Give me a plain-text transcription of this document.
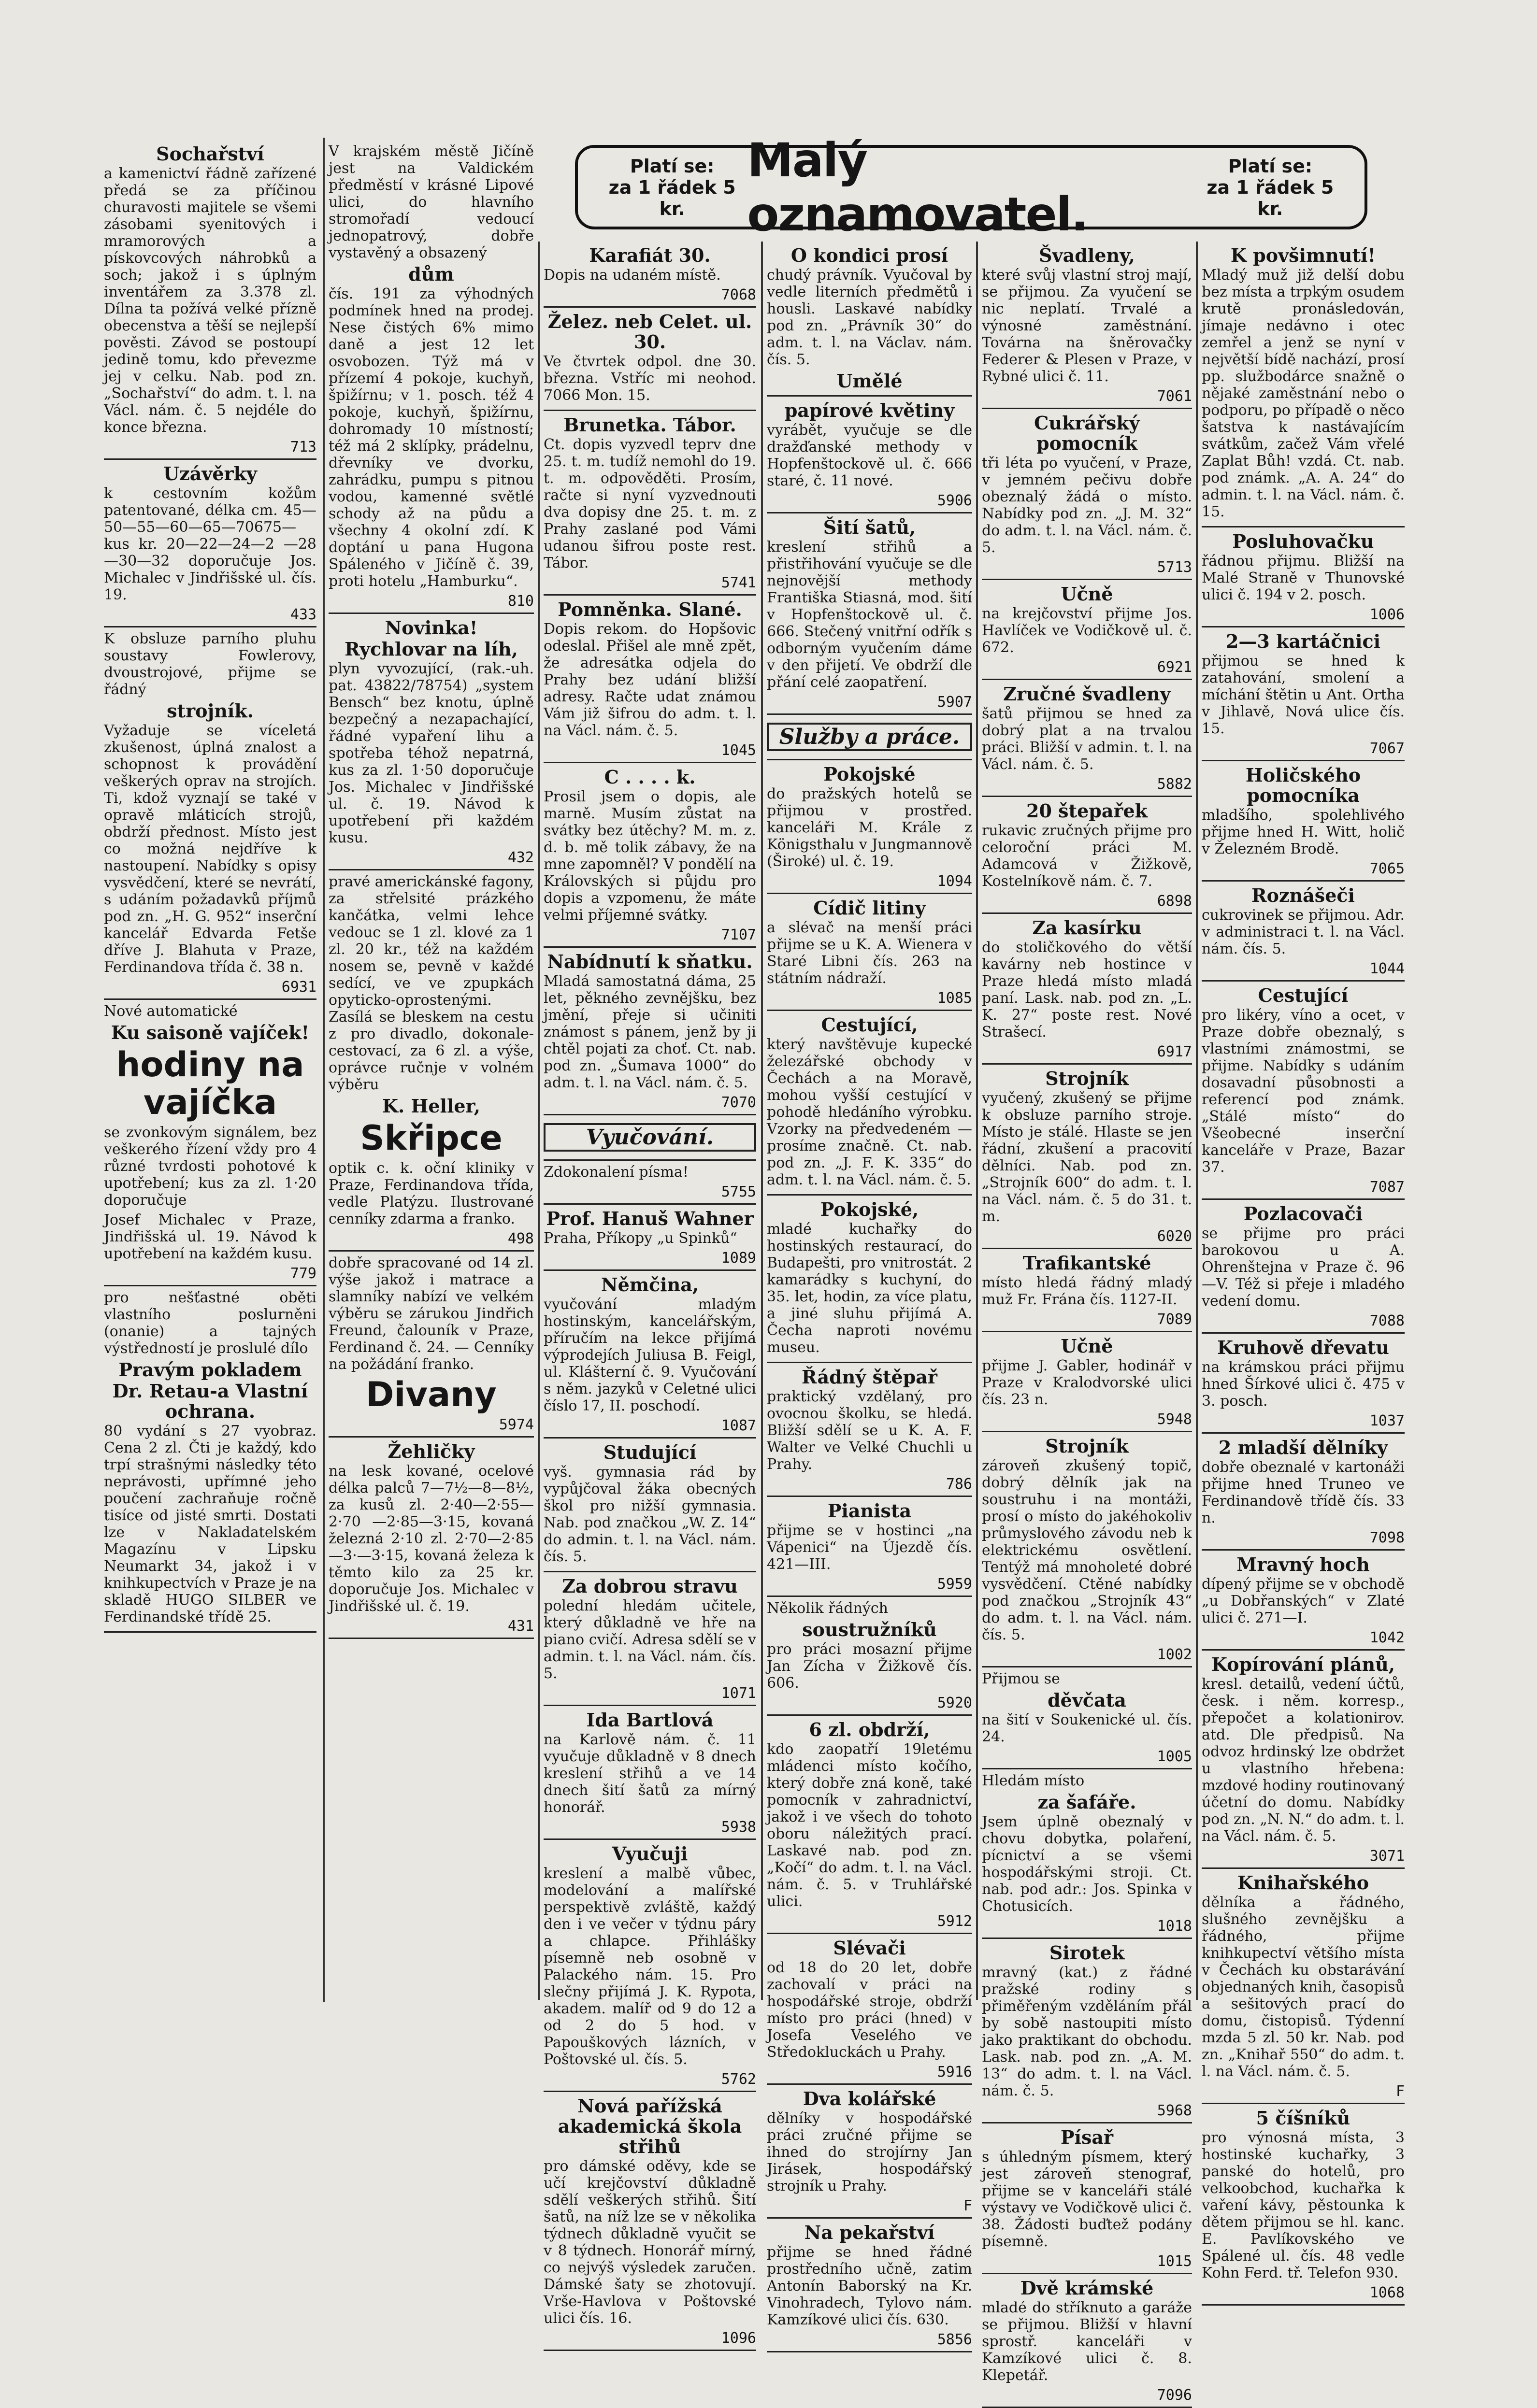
Platí se:
za 1 řádek 5 kr.
Malý oznamovatel.
Platí se:
za 1 řádek 5 kr.
Sochařství

a kamenictví řádně zařízené předá se za příčinou churavosti majitele se všemi zásobami syenitových i mramorových a pískovcových náhrobků a soch; jakož i s úplným inventářem za 3.378 zl. Dílna ta požívá velké přízně obecenstva a těší se nejlepší pověsti. Závod se postoupí jedině tomu, kdo převezme jej v celku. Nab. pod zn. „Sochařství“ do adm. t. l. na Václ. nám. č. 5 nejdéle do konce března.

713
Uzávěrky

k cestovním kožům patentované, délka cm. 45—50—55—60—65—70675—kus kr. 20—22—24—2 —28 —30—32 doporučuje Jos. Michalec v Jindřišské ul. čís. 19.

433

K obsluze parního pluhu soustavy Fowlerovy, dvoustrojové, přijme se řádný

strojník.

Vyžaduje se víceletá zkušenost, úplná znalost a schopnost k provádění veškerých oprav na strojích. Ti, kdož vyznají se také v opravě mláticích strojů, obdrží přednost. Místo jest co možná nejdříve k nastoupení. Nabídky s opisy vysvědčení, které se nevrátí, s udáním požadavků příjmů pod zn. „H. G. 952“ inserční kancelář Edvarda Fetše dříve J. Blahuta v Praze, Ferdinandova třída č. 38 n.

6931

Nové automatické

Ku saisoně vajíček!
hodiny na vajíčka

se zvonkovým signálem, bez veškerého řízení vždy pro 4 různé tvrdosti pohotové k upotřebení; kus za zl. 1·20 doporučuje

Josef Michalec v Praze, Jindřišská ul. 19. Návod k upotřebení na každém kusu.

779

pro nešťastné oběti vlastního poslurněni (onanie) a tajných výstředností je proslulé dílo

Pravým pokladem
Dr. Retau-a Vlastní ochrana.

80 vydání s 27 vyobraz. Cena 2 zl. Čti je každý, kdo trpí strašnými následky této neprávosti, upřímné jeho poučení zachraňuje ročně tisíce od jisté smrti. Dostati lze v Nakladatelském Magazínu v Lipsku Neumarkt 34, jakož i v knihkupectvích v Praze je na skladě HUGO SILBER ve Ferdinandské třídě 25.

V krajském městě Jičíně jest na Valdickém předměstí v krásné Lipové ulici, do hlavního stromořadí vedoucí jednopatrový, dobře vystavěný a obsazený

dům

čís. 191 za výhodných podmínek hned na prodej. Nese čistých 6% mimo daně a jest 12 let osvobozen. Týž má v přízemí 4 pokoje, kuchyň, špižírnu; v 1. posch. též 4 pokoje, kuchyň, špižírnu, dohromady 10 místností; též má 2 sklípky, prádelnu, dřevníky ve dvorku, zahrádku, pumpu s pitnou vodou, kamenné světlé schody až na půdu a všechny 4 okolní zdí. K doptání u pana Hugona Spáleného v Jičíně č. 39, proti hotelu „Hamburku“.

810
Novinka!
Rychlovar na líh,

plyn vyvozující, (rak.-uh. pat. 43822/78754) „system Bensch“ bez knotu, úplně bezpečný a nezapachající, řádné vypaření lihu a spotřeba téhož nepatrná, kus za zl. 1·50 doporučuje Jos. Michalec v Jindřišské ul. č. 19. Návod k upotřebení při každém kusu.

432

pravé americkánské fagony, za střelsité prázkého kančátka, velmi lehce vedouc se 1 zl. klové za 1 zl. 20 kr., též na každém nosem se, pevně v každé sedící, ve ve zpupkách opyticko-oprostenými. Zasílá se bleskem na cestu z pro divadlo, dokonale-cestovací, za 6 zl. a výše, oprávce ručnje v volném výběru

K. Heller,
Skřipce

optik c. k. oční kliniky v Praze, Ferdinandova třída, vedle Platýzu. Ilustrované cenníky zdarma a franko.

498

dobře spracované od 14 zl. výše jakož i matrace a slamníky nabízí ve velkém výběru se zárukou Jindřich Freund, čalouník v Praze, Ferdinand č. 24. — Cenníky na požádání franko.

Divany
5974
Žehličky

na lesk kované, ocelové délka palců 7—7½—8—8½, za kusů zl. 2·40—2·55—2·70 —2·85—3·15, kovaná železná 2·10 zl. 2·70—2·85—3·—3·15, kovaná železa k těmto kilo za 25 kr. doporučuje Jos. Michalec v Jindřišské ul. č. 19.

431
Karafiát 30.

Dopis na udaném místě.

7068
Želez. neb Celet. ul. 30.

Ve čtvrtek odpol. dne 30. března. Vstříc mi neohod. 7066 Mon. 15.

Brunetka. Tábor.

Ct. dopis vyzvedl teprv dne 25. t. m. tudíž nemohl do 19. t. m. odpověděti. Prosím, račte si nyní vyzvednouti dva dopisy dne 25. t. m. z Prahy zaslané pod Vámi udanou šifrou poste rest. Tábor.

5741
Pomněnka. Slané.

Dopis rekom. do Hopšovic odeslal. Přišel ale mně zpět, že adresátka odjela do Prahy bez udání bližší adresy. Račte udat známou Vám již šifrou do adm. t. l. na Václ. nám. č. 5.

1045
C . . . . k.

Prosil jsem o dopis, ale marně. Musím zůstat na svátky bez útěchy? M. m. z. d. b. mě tolik zábavy, že na mne zapomněl? V pondělí na Královských si půjdu pro dopis a vzpomenu, že máte velmi příjemné svátky.

7107
Nabídnutí k sňatku.

Mladá samostatná dáma, 25 let, pěkného zevnějšku, bez jmění, přeje si učiniti známost s pánem, jenž by ji chtěl pojati za choť. Ct. nab. pod zn. „Šumava 1000“ do adm. t. l. na Václ. nám. č. 5.

7070
Vyučování.

Zdokonalení písma!

5755
Prof. Hanuš Wahner

Praha, Příkopy „u Spinků“

1089
Němčina,

vyučování mladým hostinským, kancelářským, příručím na lekce přijímá výprodejích Juliusa B. Feigl, ul. Klášterní č. 9. Vyučování s něm. jazyků v Celetné ulici číslo 17, II. poschodí.

1087
Studující

vyš. gymnasia rád by vypůjčoval žáka obecných škol pro nižší gymnasia. Nab. pod značkou „W. Z. 14“ do admin. t. l. na Václ. nám. čís. 5.

Za dobrou stravu

polední hledám učitele, který důkladně ve hře na piano cvičí. Adresa sdělí se v admin. t. l. na Václ. nám. čís. 5.

1071
Ida Bartlová

na Karlově nám. č. 11 vyučuje důkladně v 8 dnech kreslení střihů a ve 14 dnech šití šatů za mírný honorář.

5938
Vyučuji

kreslení a malbě vůbec, modelování a malířské perspektivě zvláště, každý den i ve večer v týdnu páry a chlapce. Přihlášky písemně neb osobně v Palackého nám. 15. Pro slečny přijímá J. K. Rypota, akadem. malíř od 9 do 12 a od 2 do 5 hod. v Papouškových lázních, v Poštovské ul. čís. 5.

5762
Nová pařížská akademická škola střihů

pro dámské oděvy, kde se učí krejčovství důkladně sdělí veškerých střihů. Šití šatů, na níž lze se v několika týdnech důkladně vyučit se v 8 týdnech. Honorář mírný, co nejvýš výsledek zaručen. Dámské šaty se zhotovují. Vrše-Havlova v Poštovské ulici čís. 16.

1096
O kondici prosí

chudý právník. Vyučoval by vedle literních předmětů i housli. Laskavé nabídky pod zn. „Právník 30“ do adm. t. l. na Václav. nám. čís. 5.

Umělé
papírové květiny

vyrábět, vyučuje se dle dražďanské methody v Hopfenštockově ul. č. 666 staré, č. 11 nové.

5906
Šití šatů,

kreslení střihů a přistřihování vyučuje se dle nejnovější methody Františka Stiasná, mod. šití v Hopfenštockově ul. č. 666. Stečený vnitřní odřík s odborným vyučením dáme v den přijetí. Ve obdrží dle přání celé zaopatření.

5907
Služby a práce.
Pokojské

do pražských hotelů se přijmou v prostřed. kanceláři M. Krále z Königsthalu v Jungmannově (Široké) ul. č. 19.

1094
Cídič litiny

a slévač na menší práci přijme se u K. A. Wienera v Staré Libni čís. 263 na státním nádraží.

1085
Cestující,

který navštěvuje kupecké železářské obchody v Čechách a na Moravě, mohou vyšší cestující v pohodě hledáního výrobku. Vzorky na předvedeném — prosíme značně. Ct. nab. pod zn. „J. F. K. 335“ do adm. t. l. na Václ. nám. č. 5.

Pokojské,

mladé kuchařky do hostinských restaurací, do Budapešti, pro vnitrostát. 2 kamarádky s kuchyní, do 35. let, hodin, za více platu, a jiné sluhu přijímá A. Čecha naproti novému museu.

Řádný štěpař

praktický vzdělaný, pro ovocnou školku, se hledá. Bližší sdělí se u K. A. F. Walter ve Velké Chuchli u Prahy.

786
Pianista

přijme se v hostinci „na Vápenici“ na Újezdě čís. 421—III.

5959

Několik řádných

soustružníků

pro práci mosazní přijme Jan Zícha v Žižkově čís. 606.

5920
6 zl. obdrží,

kdo zaopatří 19letému mládenci místo kočího, který dobře zná koně, také pomocník v zahradnictví, jakož i ve všech do tohoto oboru náležitých prací. Laskavé nab. pod zn. „Kočí“ do adm. t. l. na Václ. nám. č. 5. v Truhlářské ulici.

5912
Slévači

od 18 do 20 let, dobře zachovalí v práci na hospodářské stroje, obdrží místo pro práci (hned) v Josefa Veselého ve Středokluckách u Prahy.

5916
Dva kolářské

dělníky v hospodářské práci zručné přijme se ihned do strojírny Jan Jirásek, hospodářský strojník u Prahy.

F
Na pekařství

přijme se hned řádné prostředního učně, zatim Antonín Baborský na Kr. Vinohradech, Tylovo nám. Kamzíkové ulici čís. 630.

5856
Švadleny,

které svůj vlastní stroj mají, se přijmou. Za vyučení se nic neplatí. Trvalé a výnosné zaměstnání. Továrna na šněrovačky Federer & Plesen v Praze, v Rybné ulici č. 11.

7061
Cukrářský pomocník

tři léta po vyučení, v Praze, v jemném pečivu dobře obeznalý žádá o místo. Nabídky pod zn. „J. M. 32“ do adm. t. l. na Václ. nám. č. 5.

5713
Učně

na krejčovství přijme Jos. Havlíček ve Vodičkově ul. č. 672.

6921
Zručné švadleny

šatů přijmou se hned za dobrý plat a na trvalou práci. Bližší v admin. t. l. na Václ. nám. č. 5.

5882
20 štepařek

rukavic zručných přijme pro celoroční práci M. Adamcová v Žižkově, Kostelníkově nám. č. 7.

6898
Za kasírku

do stoličkového do větší kavárny neb hostince v Praze hledá místo mladá paní. Lask. nab. pod zn. „L. K. 27“ poste rest. Nové Strašecí.

6917
Strojník

vyučený, zkušený se přijme k obsluze parního stroje. Místo je stálé. Hlaste se jen řádní, zkušení a pracovití dělníci. Nab. pod zn. „Strojník 600“ do adm. t. l. na Václ. nám. č. 5 do 31. t. m.

6020
Trafikantské

místo hledá řádný mladý muž Fr. Frána čís. 1127-II.

7089
Učně

přijme J. Gabler, hodinář v Praze v Kralodvorské ulici čís. 23 n.

5948
Strojník

zároveň zkušený topič, dobrý dělník jak na soustruhu i na montáži, prosí o místo do jakéhokoliv průmyslového závodu neb k elektrickému osvětlení. Tentýž má mnoholeté dobré vysvědčení. Ctěné nabídky pod značkou „Strojník 43“ do adm. t. l. na Václ. nám. čís. 5.

1002

Přijmou se

děvčata

na šití v Soukenické ul. čís. 24.

1005

Hledám místo

za šafáře.

Jsem úplně obeznalý v chovu dobytka, polaření, pícnictví a se všemi hospodářskými stroji. Ct. nab. pod adr.: Jos. Spinka v Chotusicích.

1018
Sirotek

mravný (kat.) z řádné pražské rodiny s přiměřeným vzděláním přál by sobě nastoupiti místo jako praktikant do obchodu. Lask. nab. pod zn. „A. M. 13“ do adm. t. l. na Václ. nám. č. 5.

5968
Písař

s úhledným písmem, který jest zároveň stenograf, přijme se v kanceláři stálé výstavy ve Vodičkově ulici č. 38. Žádosti buďtež podány písemně.

1015
Dvě krámské

mladé do stříknuto a garáže se přijmou. Bližší v hlavní sprostř. kanceláři v Kamzíkové ulici č. 8. Klepetář.

7096
K povšimnutí!

Mladý muž již delší dobu bez místa a trpkým osudem krutě pronásledován, jímaje nedávno i otec zemřel a jenž se nyní v největší bídě nachází, prosí pp. službodárce snažně o nějaké zaměstnání nebo o podporu, po případě o něco šatstva k nastávajícím svátkům, začež Vám vřelé Zaplat Bůh! vzdá. Ct. nab. pod známk. „A. A. 24“ do admin. t. l. na Václ. nám. č. 15.

Posluhovačku

řádnou přijmu. Bližší na Malé Straně v Thunovské ulici č. 194 v 2. posch.

1006
2—3 kartáčnici

přijmou se hned k zatahování, smolení a míchání štětin u Ant. Ortha v Jihlavě, Nová ulice čís. 15.

7067
Holičského pomocníka

mladšího, spolehlivého přijme hned H. Witt, holič v Železném Brodě.

7065
Roznášeči

cukrovinek se přijmou. Adr. v administraci t. l. na Václ. nám. čís. 5.

1044
Cestující

pro likéry, víno a ocet, v Praze dobře obeznalý, s vlastními známostmi, se přijme. Nabídky s udáním dosavadní působnosti a referencí pod známk. „Stálé místo“ do Všeobecné inserční kanceláře v Praze, Bazar 37.

7087
Pozlacovači

se přijme pro práci barokovou u A. Ohrenštejna v Praze č. 96—V. Též si přeje i mladého vedení domu.

7088
Kruhově dřevatu

na krámskou práci přijmu hned Šírkové ulici č. 475 v 3. posch.

1037
2 mladší dělníky

dobře obeznalé v kartonáži přijme hned Truneo ve Ferdinandově třídě čís. 33 n.

7098
Mravný hoch

dípený přijme se v obchodě „u Dobřanských“ v Zlaté ulici č. 271—I.

1042
Kopírování plánů,

kresl. detailů, vedení účtů, česk. i něm. korresp., přepočet a kolationirov. atd. Dle předpisů. Na odvoz hrdinský lze obdržet u vlastního hřebena: mzdové hodiny routinovaný účetní do domu. Nabídky pod zn. „N. N.“ do adm. t. l. na Václ. nám. č. 5.

3071
Knihařského

dělníka a řádného, slušného zevnějšku a řádného, přijme knihkupectví většího místa v Čechách ku obstarávání objednaných knih, časopisů a sešitových prací do domu, čistopisů. Týdenní mzda 5 zl. 50 kr. Nab. pod zn. „Knihař 550“ do adm. t. l. na Václ. nám. č. 5.

F
5 číšníků

pro výnosná místa, 3 hostinské kuchařky, 3 panské do hotelů, pro velkoobchod, kuchařka k vaření kávy, pěstounka k dětem přijmou se hl. kanc. E. Pavlíkovského ve Spálené ul. čís. 48 vedle Kohn Ferd. tř. Telefon 930.

1068
